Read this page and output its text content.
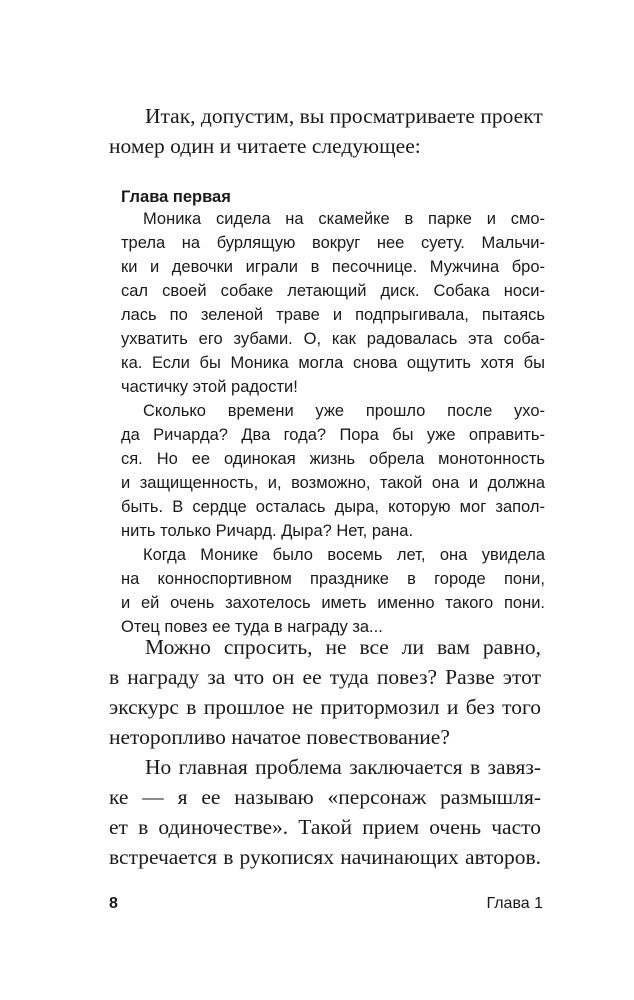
Итак, допустим, вы просматриваете проект

номер один и читаете следующее:

Глава первая

Моника сидела на скамейке в парке и смо-

трела на бурлящую вокруг нее суету. Мальчи-

ки и девочки играли в песочнице. Мужчина бро-

сал своей собаке летающий диск. Собака носи-

лась по зеленой траве и подпрыгивала, пытаясь

ухватить его зубами. О, как радовалась эта соба-

ка. Если бы Моника могла снова ощутить хотя бы

частичку этой радости!

Сколько времени уже прошло после ухо-

да Ричарда? Два года? Пора бы уже оправить-

ся. Но ее одинокая жизнь обрела монотонность

и защищенность, и, возможно, такой она и должна

быть. В сердце осталась дыра, которую мог запол-

нить только Ричард. Дыра? Нет, рана.

Когда Монике было восемь лет, она увидела

на конноспортивном празднике в городе пони,

и ей очень захотелось иметь именно такого пони.

Отец повез ее туда в награду за...

Можно спросить, не все ли вам равно,

в награду за что он ее туда повез? Разве этот

экскурс в прошлое не притормозил и без того

неторопливо начатое повествование?

Но главная проблема заключается в завяз-

ке — я ее называю «персонаж размышля-

ет в одиночестве». Такой прием очень часто

встречается в рукописях начинающих авторов.

8	Глава 1
